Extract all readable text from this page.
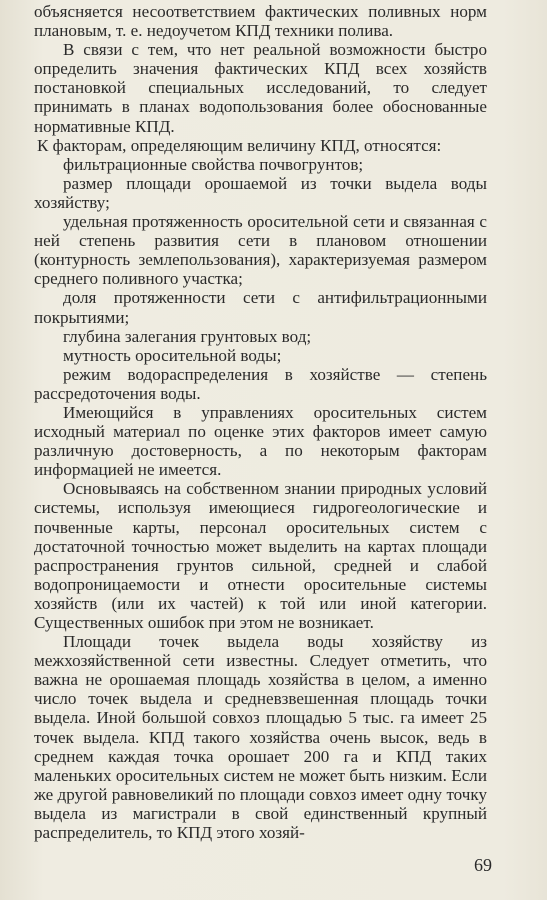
объясняется несоответствием фактических поливных норм плановым, т. е. недоучетом КПД техники полива.

В связи с тем, что нет реальной возможности быстро определить значения фактических КПД всех хозяйств постановкой специальных исследований, то следует принимать в планах водопользования более обоснованные нормативные КПД.

К факторам, определяющим величину КПД, относятся:

фильтрационные свойства почвогрунтов;

размер площади орошаемой из точки выдела воды хозяйству;

удельная протяженность оросительной сети и связанная с ней степень развития сети в плановом отношении (контурность землепользования), характеризуемая размером среднего поливного участка;

доля протяженности сети с антифильтрационными покрытиями;

глубина залегания грунтовых вод;

мутность оросительной воды;

режим водораспределения в хозяйстве — степень рассредоточения воды.

Имеющийся в управлениях оросительных систем исходный материал по оценке этих факторов имеет самую различную достоверность, а по некоторым факторам информацией не имеется.

Основываясь на собственном знании природных условий системы, используя имеющиеся гидрогеологические и почвенные карты, персонал оросительных систем с достаточной точностью может выделить на картах площади распространения грунтов сильной, средней и слабой водопроницаемости и отнести оросительные системы хозяйств (или их частей) к той или иной категории. Существенных ошибок при этом не возникает.

Площади точек выдела воды хозяйству из межхозяйственной сети известны. Следует отметить, что важна не орошаемая площадь хозяйства в целом, а именно число точек выдела и средневзвешенная площадь точки выдела. Иной большой совхоз площадью 5 тыс. га имеет 25 точек выдела. КПД такого хозяйства очень высок, ведь в среднем каждая точка орошает 200 га и КПД таких маленьких оросительных систем не может быть низким. Если же другой равновеликий по площади совхоз имеет одну точку выдела из магистрали в свой единственный крупный распределитель, то КПД этого хозяй-

69
